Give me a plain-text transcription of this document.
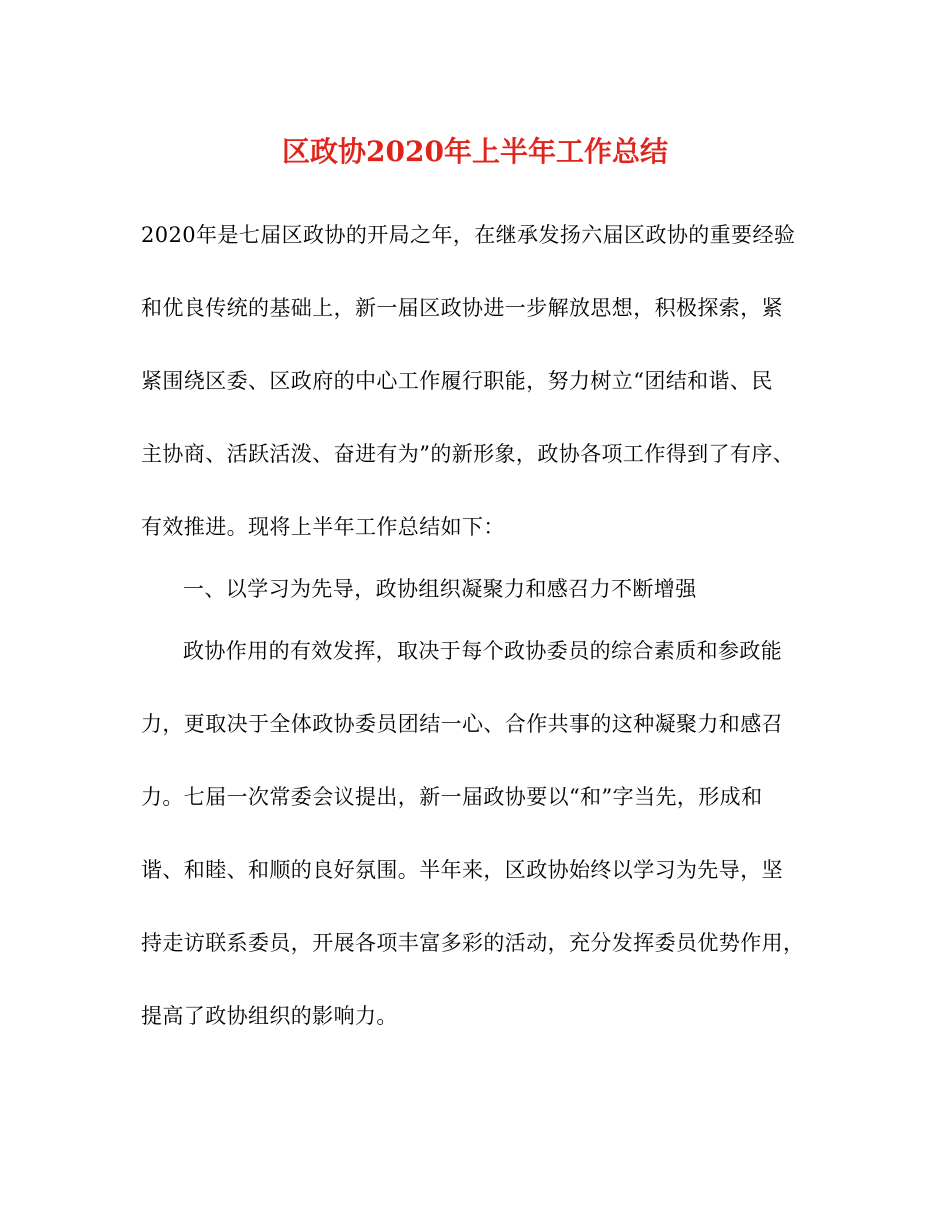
区政协2020年上半年工作总结
2020年是七届区政协的开局之年，在继承发扬六届区政协的重要经验
和优良传统的基础上，新一届区政协进一步解放思想，积极探索，紧
紧围绕区委、区政府的中心工作履行职能，努力树立“团结和谐、民
主协商、活跃活泼、奋进有为”的新形象，政协各项工作得到了有序、
有效推进。现将上半年工作总结如下：
一、以学习为先导，政协组织凝聚力和感召力不断增强
政协作用的有效发挥，取决于每个政协委员的综合素质和参政能
力，更取决于全体政协委员团结一心、合作共事的这种凝聚力和感召
力。七届一次常委会议提出，新一届政协要以“和”字当先，形成和
谐、和睦、和顺的良好氛围。半年来，区政协始终以学习为先导，坚
持走访联系委员，开展各项丰富多彩的活动，充分发挥委员优势作用，
提高了政协组织的影响力。
